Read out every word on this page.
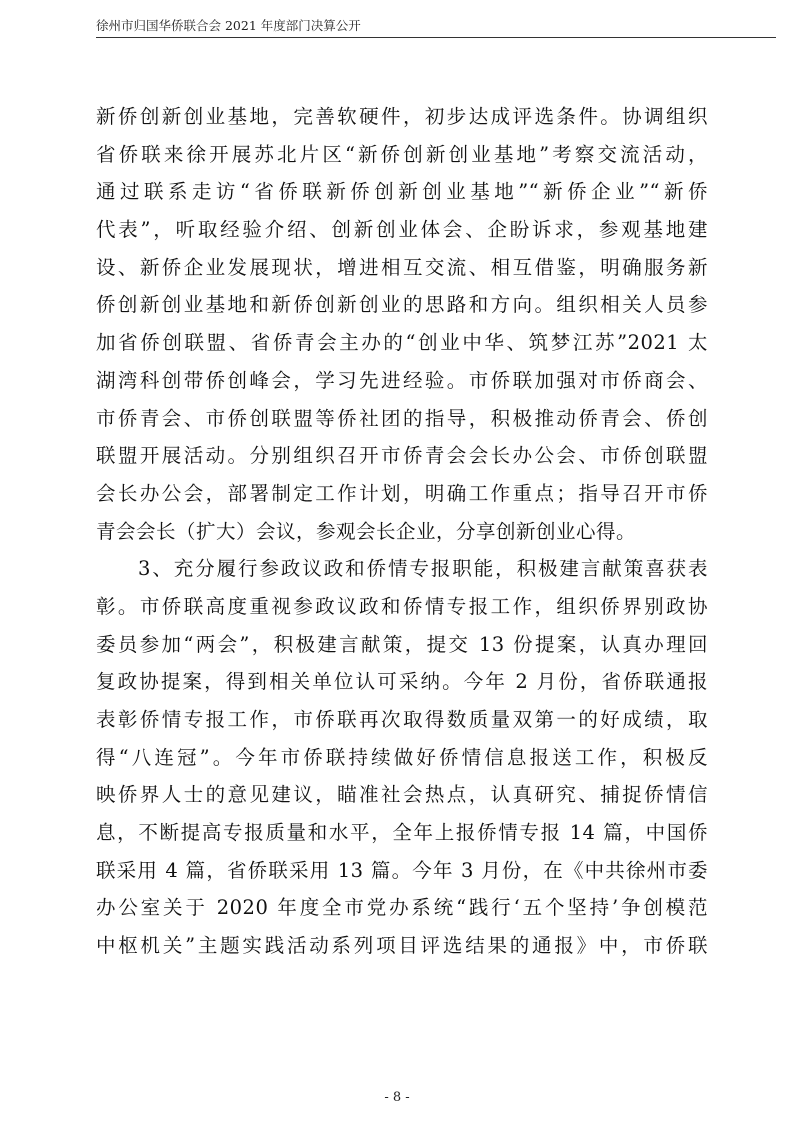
徐州市归国华侨联合会 2021 年度部门决算公开
新侨创新创业基地，完善软硬件，初步达成评选条件。协调组织
省侨联来徐开展苏北片区“新侨创新创业基地”考察交流活动，
通过联系走访“省侨联新侨创新创业基地”“新侨企业”“新侨
代表”，听取经验介绍、创新创业体会、企盼诉求，参观基地建
设、新侨企业发展现状，增进相互交流、相互借鉴，明确服务新
侨创新创业基地和新侨创新创业的思路和方向。组织相关人员参
加省侨创联盟、省侨青会主办的“创业中华、筑梦江苏”2021 太
湖湾科创带侨创峰会，学习先进经验。市侨联加强对市侨商会、
市侨青会、市侨创联盟等侨社团的指导，积极推动侨青会、侨创
联盟开展活动。分别组织召开市侨青会会长办公会、市侨创联盟
会长办公会，部署制定工作计划，明确工作重点；指导召开市侨
青会会长（扩大）会议，参观会长企业，分享创新创业心得。
3、充分履行参政议政和侨情专报职能，积极建言献策喜获表
彰。市侨联高度重视参政议政和侨情专报工作，组织侨界别政协
委员参加“两会”，积极建言献策，提交 13 份提案，认真办理回
复政协提案，得到相关单位认可采纳。今年 2 月份，省侨联通报
表彰侨情专报工作，市侨联再次取得数质量双第一的好成绩，取
得“八连冠”。今年市侨联持续做好侨情信息报送工作，积极反
映侨界人士的意见建议，瞄准社会热点，认真研究、捕捉侨情信
息，不断提高专报质量和水平，全年上报侨情专报 14 篇，中国侨
联采用 4 篇，省侨联采用 13 篇。今年 3 月份，在《中共徐州市委
办公室关于 2020 年度全市党办系统“践行‘五个坚持’争创模范
中枢机关”主题实践活动系列项目评选结果的通报》中，市侨联
- 8 -
